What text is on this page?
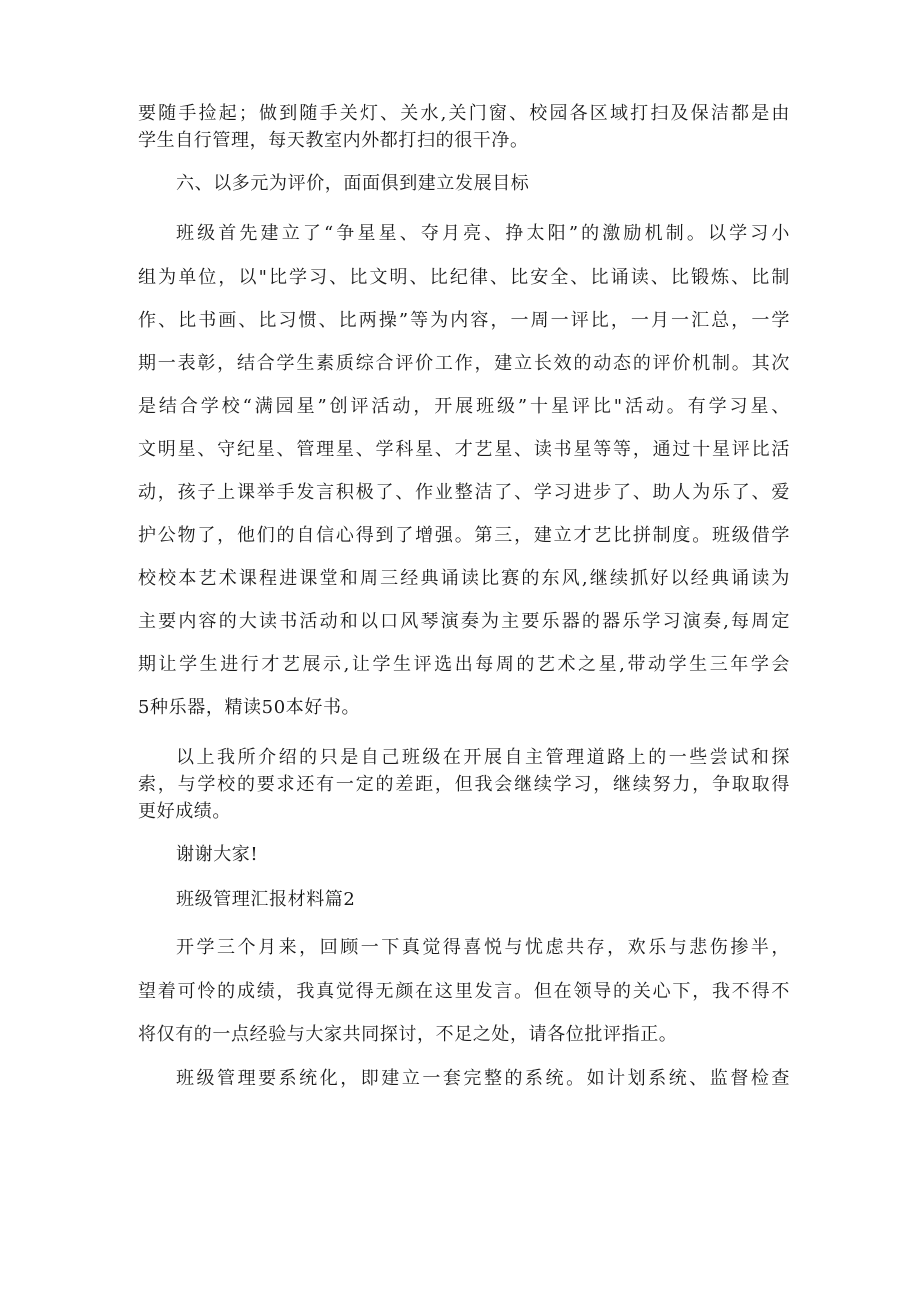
要随手捡起；做到随手关灯、关水,关门窗、校园各区域打扫及保洁都是由

学生自行管理，每天教室内外都打扫的很干净。

六、以多元为评价，面面俱到建立发展目标

班级首先建立了“争星星、夺月亮、挣太阳”的激励机制。以学习小

组为单位，以"比学习、比文明、比纪律、比安全、比诵读、比锻炼、比制

作、比书画、比习惯、比两操”等为内容，一周一评比，一月一汇总，一学

期一表彰，结合学生素质综合评价工作，建立长效的动态的评价机制。其次

是结合学校“满园星”创评活动，开展班级”十星评比"活动。有学习星、

文明星、守纪星、管理星、学科星、才艺星、读书星等等，通过十星评比活

动，孩子上课举手发言积极了、作业整洁了、学习进步了、助人为乐了、爱

护公物了，他们的自信心得到了增强。第三，建立才艺比拼制度。班级借学

校校本艺术课程进课堂和周三经典诵读比赛的东风,继续抓好以经典诵读为

主要内容的大读书活动和以口风琴演奏为主要乐器的器乐学习演奏,每周定

期让学生进行才艺展示,让学生评选出每周的艺术之星,带动学生三年学会

5种乐器，精读50本好书。

以上我所介绍的只是自己班级在开展自主管理道路上的一些尝试和探

索，与学校的要求还有一定的差距，但我会继续学习，继续努力，争取取得

更好成绩。

谢谢大家!

班级管理汇报材料篇2

开学三个月来，回顾一下真觉得喜悦与忧虑共存，欢乐与悲伤掺半，

望着可怜的成绩，我真觉得无颜在这里发言。但在领导的关心下，我不得不

将仅有的一点经验与大家共同探讨，不足之处，请各位批评指正。

班级管理要系统化，即建立一套完整的系统。如计划系统、监督检查
